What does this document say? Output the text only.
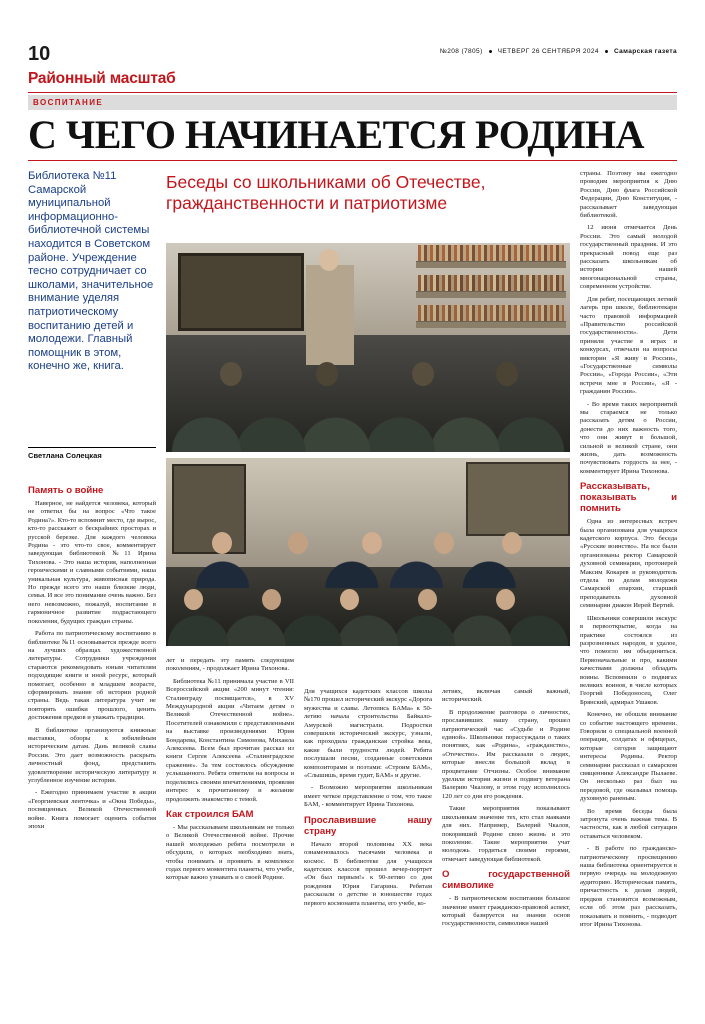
10	№208 (7805) ЧЕТВЕРГ 26 СЕНТЯБРЯ 2024 Самарская газета
Районный масштаб
ВОСПИТАНИЕ
С ЧЕГО НАЧИНАЕТСЯ РОДИНА
Библиотека №11 Самарской муниципальной информационно-библиотечной системы находится в Советском районе. Учреждение тесно сотрудничает со школами, значительное внимание уделяя патриотическому воспитанию детей и молодежи. Главный помощник в этом, конечно же, книга.
Светлана Солецкая
Беседы со школьниками об Отечестве, гражданственности и патриотизме
Память о войне

Наверное, не найдется человека, который не ответил бы на вопрос «Что такое Родина?». Кто-то вспомнит место, где вырос, кто-то расскажет о бескрайних просторах и русской березке. Для каждого человека Родина - это что-то свое, комментирует заведующая библиотекой №11 Ирина Тихонова. - Это наша история, наполненная героическими и славными событиями, наша уникальная культура, живописная природа. Но прежде всего это наши близкие люди, семья. И все это понимание очень важно. Без него невозможно, пожалуй, воспитание в гармоничное развитие подрастающего поколения, будущих граждан страны.

Работа по патриотическому воспитанию в библиотеке №11 основывается прежде всего на лучших образцах художественной литературы. Сотрудники учреждения стараются рекомендовать юным читателям подходящие книги и иной ресурс, который помогает, особенно в младшем возрасте, сформировать знание об истории родной страны. Ведь такая литература учит не повторять ошибки прошлого, ценить достижения предков и уважать традиции.

В библиотеке организуются книжные выставки, обзоры к юбилейным историческим датам. Дань великой славы России. Это дает возможность раскрыть личностный фонд, представить удовлетворение историческую литературу и углубленное изучение истории.

- Ежегодно принимаем участие в акции «Георгиевская ленточка» и «Окна Победы», посвященных Великой Отечественной войне. Книга помогает оценить события эпохи

лет и передать эту память следующим поколениям, - продолжает Ирина Тихонова.

Библиотека №11 принимала участие в VII Всероссийской акции «200 минут чтения: Сталинграду посвящается», в XV Международной акции «Читаем детям о Великой Отечественной войне». Посетителей ознакомили с представленными на выставке произведениями Юрия Бондарева, Константина Симонова, Михаила Алексеева. Всем был прочитан рассказ из книги Сергея Алексеева «Сталинградское сражение». За тем состоялось обсуждение услышанного. Ребята ответили на вопросы и поделились своими впечатлениями, проявляя интерес к прочитанному и желание продолжить знакомство с темой.

Как строился БАМ

- Мы рассказываем школьникам не только о Великой Отечественной войне. Прочие нашей молодежью ребята посмотрели и обсудили, о которых необходимо знать, чтобы понимать и проявить в комплексе годах первого моментита планеты, что учебе, которые важно узнавать и о своей Родине.

Для учащихся кадетских классов школы №170 прошел исторический экскурс «Дорога мужества и славы. Летопись БАМа» к 50-летию начала строительства Байкало-Амурской магистрали. Подростки совершили исторический экскурс, узнали, как проходила гражданская стройка века, какие были трудности людей. Ребята послушали песни, созданные советскими композиторами и поэтами: «Строим БАМ», «Слышишь, время гудит, БАМ» и другие.

- Возможно мероприятия школьникам имеет четкое представление о том, что такое БАМ, - комментирует Ирина Тихонова.

Прославившие нашу страну

Начало второй половины XX века ознаменовалось тысячами человека и космос. В библиотеке для учащихся кадетских классов прошел вечер-портрет «Он был первым!» к 90-летию со дня рождения Юрия Гагарина. Ребятам рассказали о детстве и юношестве годах первого космонавта планеты, его учебе, ко-

летиях, включая самый важный, исторический.

В продолжение разговора о личностях, прославивших нашу страну, прошел патриотический час «Судьбе и Родине единой». Школьники порассуждали о таких понятиях, как «Родина», «гражданство», «Отечество». Им рассказали о людях, которые внесли большой вклад в процветание Отчизны. Особое внимание уделили истории жизни и подвигу ветерана Валерию Чкалову, в этом году исполнилось 120 лет со дня его рождения.

Такие мероприятия показывают школьникам значение тех, кто стал маяками для них. Например, Валерий Чкалов, покоривший Родине свою жизнь и это поколение. Такие мероприятия учат молодежь гордиться своими героями, отмечает заведующая библиотекой.

О государственной символике

- В патриотическом воспитании большое значение имеет гражданско-правовой аспект, который базируется на знании основ государственности, символики нашей

страны. Поэтому мы ежегодно проводим мероприятия к Дню России, Дню флага Российской Федерации, Дню Конституции, - рассказывает заведующая библиотекой.

12 июня отмечается День России. Это самый молодой государственный праздник. И это прекрасный повод еще раз рассказать школьникам об истории нашей многонациональной страны, современном устройстве.

Для ребят, посещающих летний лагерь при школе, библиотекари часто правовой информацией «Правительство российской государственности». Дети приняли участие в играх и конкурсах, отвечали на вопросы викторин «Я живу в России», «Государственные символы России», «Города России», «Эти встречи мне в России», «Я - гражданин России».

- Во время таких мероприятий мы стараемся не только рассказать детям о России, донести до них важность того, что они живут в большой, сильной и великой стране, они жизнь, дать возможность почувствовать гордость за нее, - комментирует Ирина Тихонова.

Рассказывать, показывать и помнить

Одна из интересных встреч была организована для учащихся кадетского корпуса. Это беседа «Русские воинство». На все были организованы ректор Самарской духовной семинарии, протоиерей Максим Кокарев и руководитель отдела по делам молодежи Самарской епархии, старший преподаватель духовной семинарии диакон Иерей Вертий.

Школьники совершили экскурс в первооткрытие, когда на практике состоялся из разрозненных народов, в удалое, что помогло им объединиться. Первоначальные и про, какими качествами должны обладать воины. Вспомнили о подвигах великих воинов, в числе которых Георгий Победоносец, Олег Брянский, адмирал Ушаков.

Конечно, не обошли внимание со событие настоящего времени. Говорили о специальной военной операции, солдатах и офицерах, которые сегодня защищают интересы Родины. Ректор семинарии рассказал о самарском священнике Александре Пылаеве. Он несколько раз был на передовой, где оказывал помощь духовную раненым.

Во время беседы была затронута очень важная тема. В частности, как в любой ситуации оставаться человеком.

- В работе по гражданско-патриотическому просвещению наша библиотека ориентируется в первую очередь на молодежную аудиторию. Историческая память, причастность к делам людей, предков становится возможным, если об этом раз рассказать, показывать и помнить, - подводит итог Ирина Тихонова.
